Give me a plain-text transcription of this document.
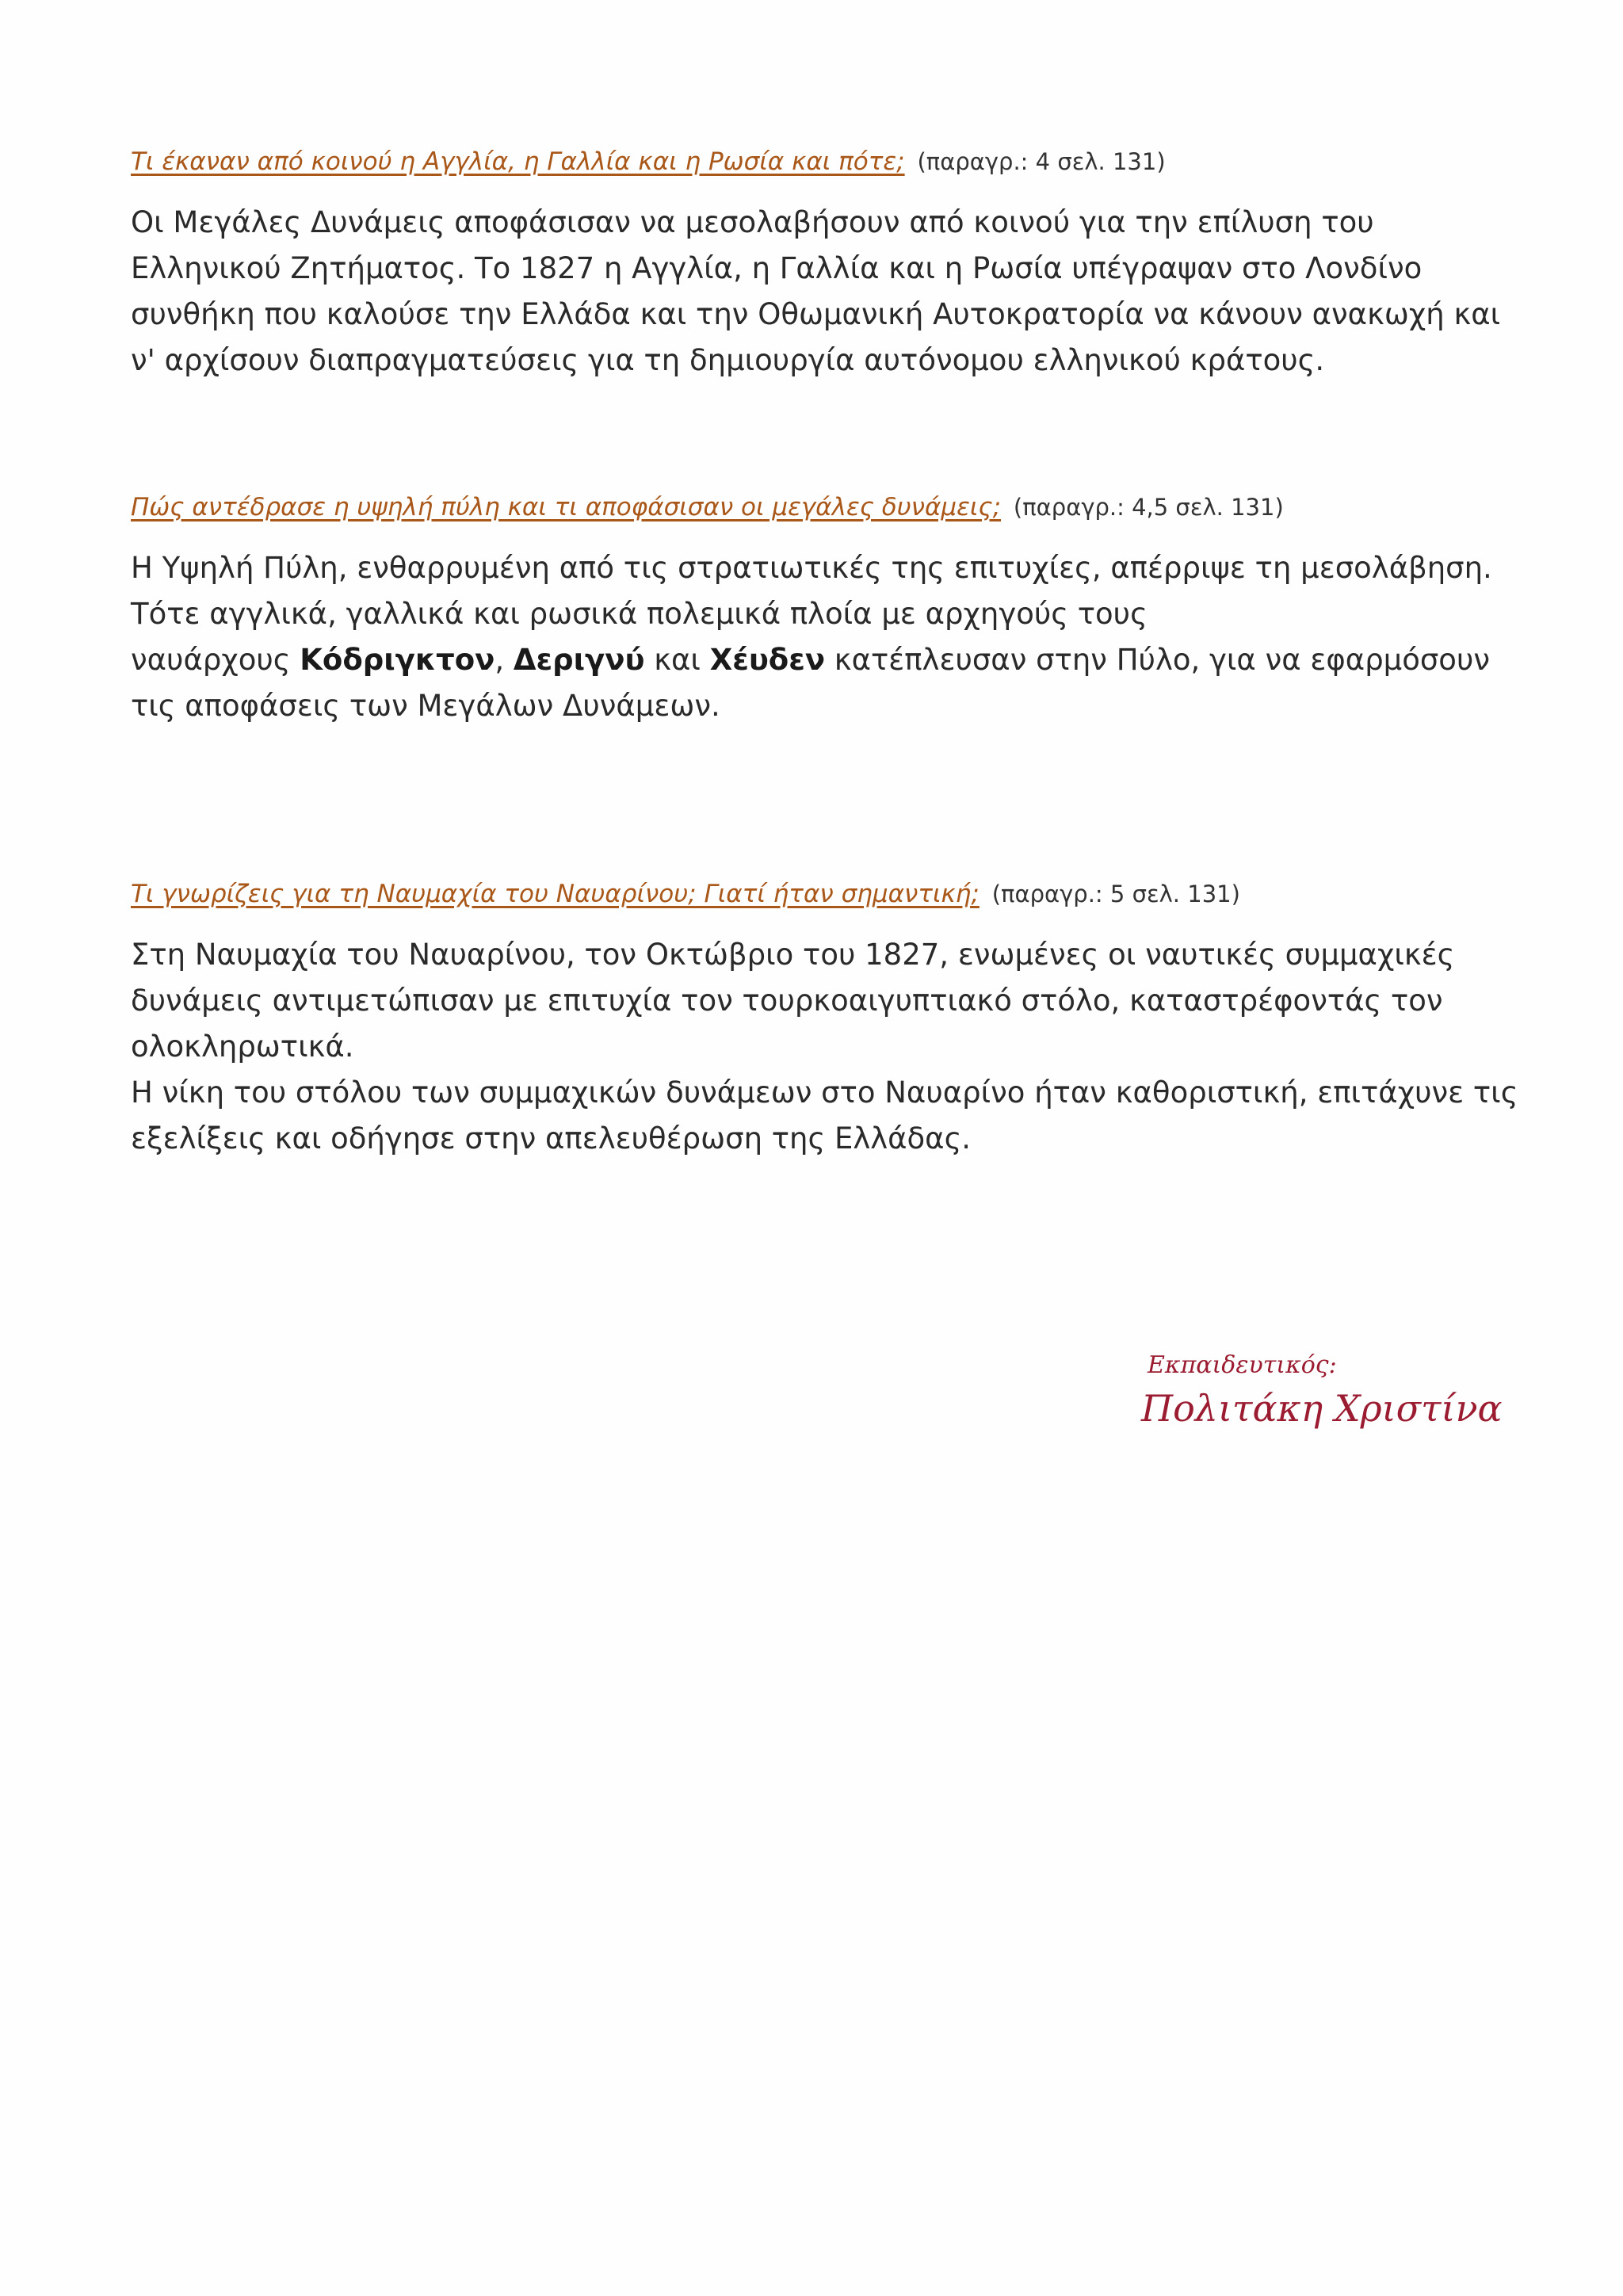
Τι έκαναν από κοινού η Αγγλία, η Γαλλία και η Ρωσία και πότε; (παραγρ.: 4 σελ. 131)

Οι Μεγάλες Δυνάμεις αποφάσισαν να μεσολαβήσουν από κοινού για την επίλυση του Ελληνικού Ζητήματος. Το 1827 η Αγγλία, η Γαλλία και η Ρωσία υπέγραψαν στο Λονδίνο συνθήκη που καλούσε την Ελλάδα και την Οθωμανική Αυτοκρατορία να κάνουν ανακωχή και ν' αρχίσουν διαπραγματεύσεις για τη δημιουργία αυτόνομου ελληνικού κράτους.

Πώς αντέδρασε η υψηλή πύλη και τι αποφάσισαν οι μεγάλες δυνάμεις; (παραγρ.: 4,5 σελ. 131)

Η Υψηλή Πύλη, ενθαρρυμένη από τις στρατιωτικές της επιτυχίες, απέρριψε τη μεσολάβηση.

Τότε αγγλικά, γαλλικά και ρωσικά πολεμικά πλοία με αρχηγούς τους
ναυάρχους Κόδριγκτον, Δεριγνύ και Χέυδεν κατέπλευσαν στην Πύλο, για να εφαρμόσουν τις αποφάσεις των Μεγάλων Δυνάμεων.

Τι γνωρίζεις για τη Ναυμαχία του Ναυαρίνου; Γιατί ήταν σημαντική; (παραγρ.: 5 σελ. 131)

Στη Ναυμαχία του Ναυαρίνου, τον Οκτώβριο του 1827, ενωμένες οι ναυτικές συμμαχικές δυνάμεις αντιμετώπισαν με επιτυχία τον τουρκοαιγυπτιακό στόλο, καταστρέφοντάς τον ολοκληρωτικά.

Η νίκη του στόλου των συμμαχικών δυνάμεων στο Ναυαρίνο ήταν καθοριστική, επιτάχυνε τις εξελίξεις και οδήγησε στην απελευθέρωση της Ελλάδας.

Εκπαιδευτικός:

Πολιτάκη Χριστίνα
